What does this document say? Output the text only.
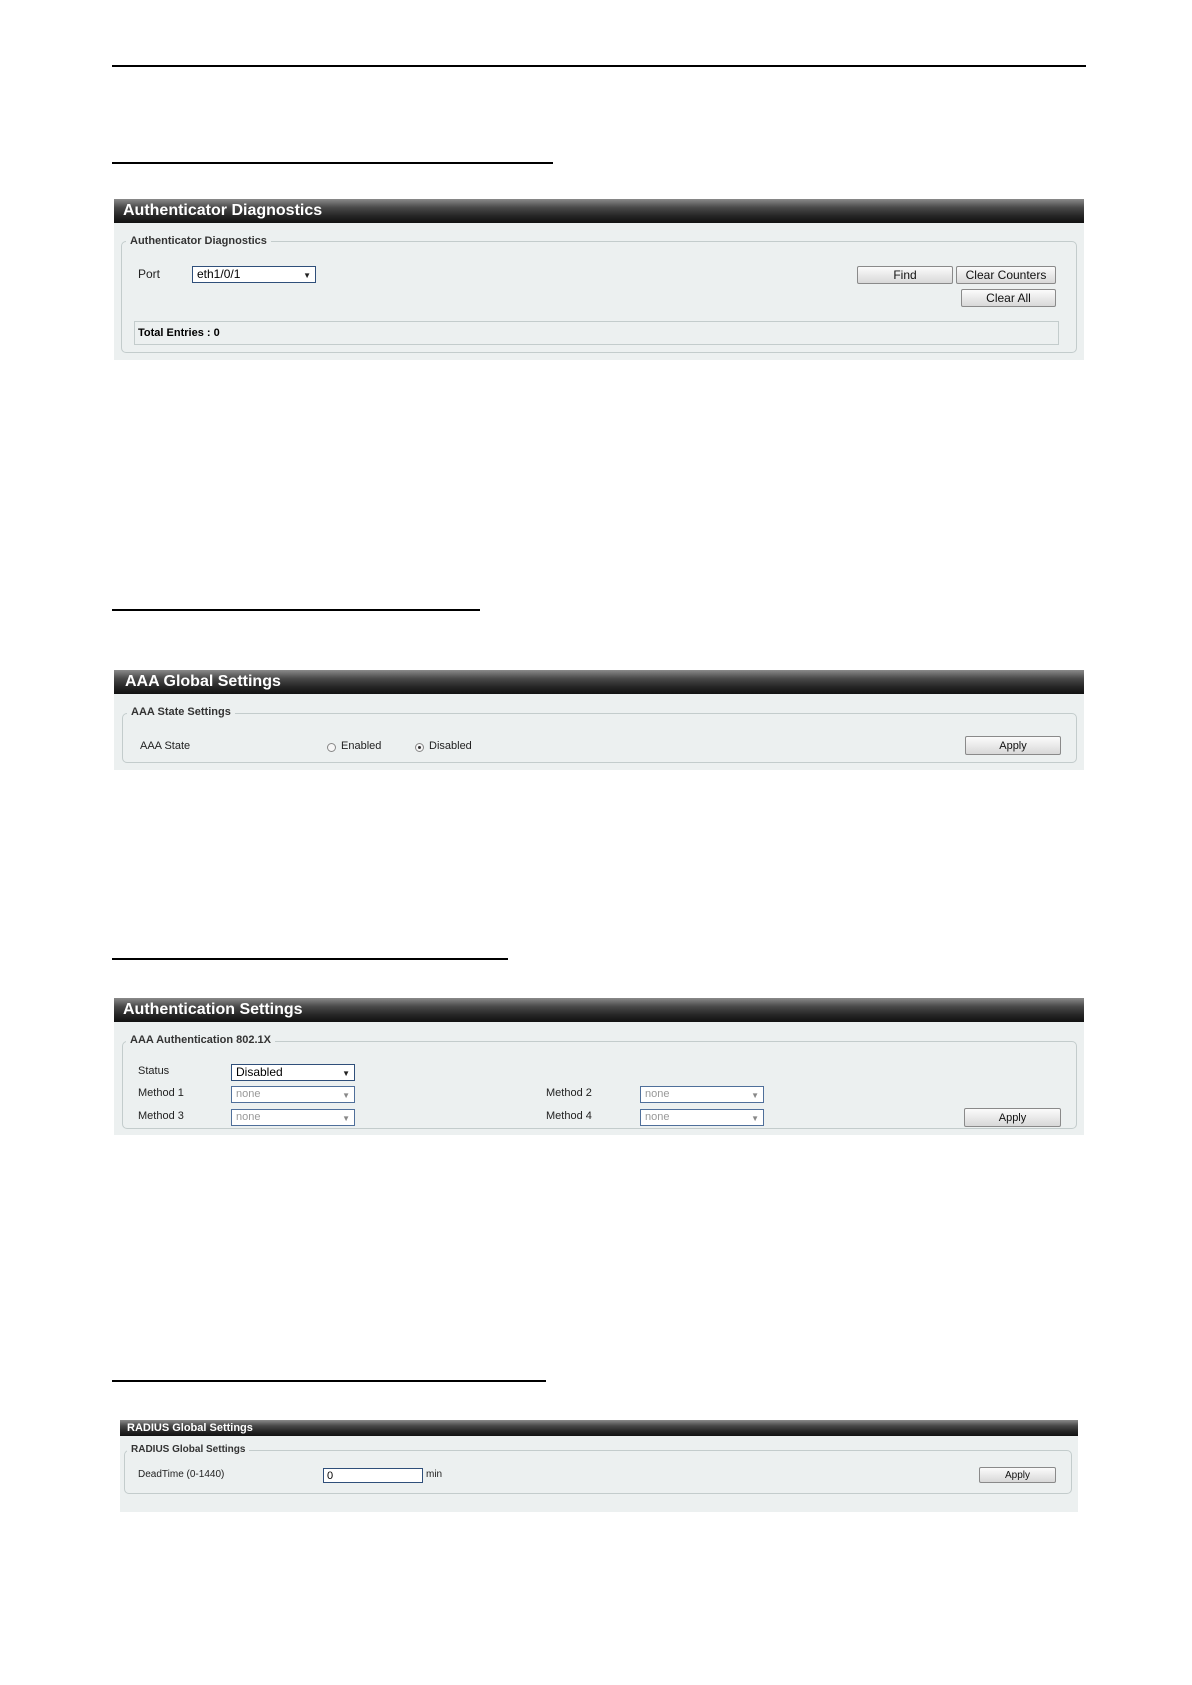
Authenticator Diagnostics
Authenticator Diagnostics
Port	eth1/0/1	▼	Find	Clear Counters
Clear All
Total Entries : 0
AAA Global Settings
AAA State Settings
AAA State	Enabled	Disabled	Apply
Authentication Settings
AAA Authentication 802.1X
Status	Disabled	▼
Method 1	none	▼	Method 2	none	▼
Method 3	none	▼	Method 4	none	▼	Apply
RADIUS Global Settings
RADIUS Global Settings
DeadTime (0-1440)
0	min	Apply
